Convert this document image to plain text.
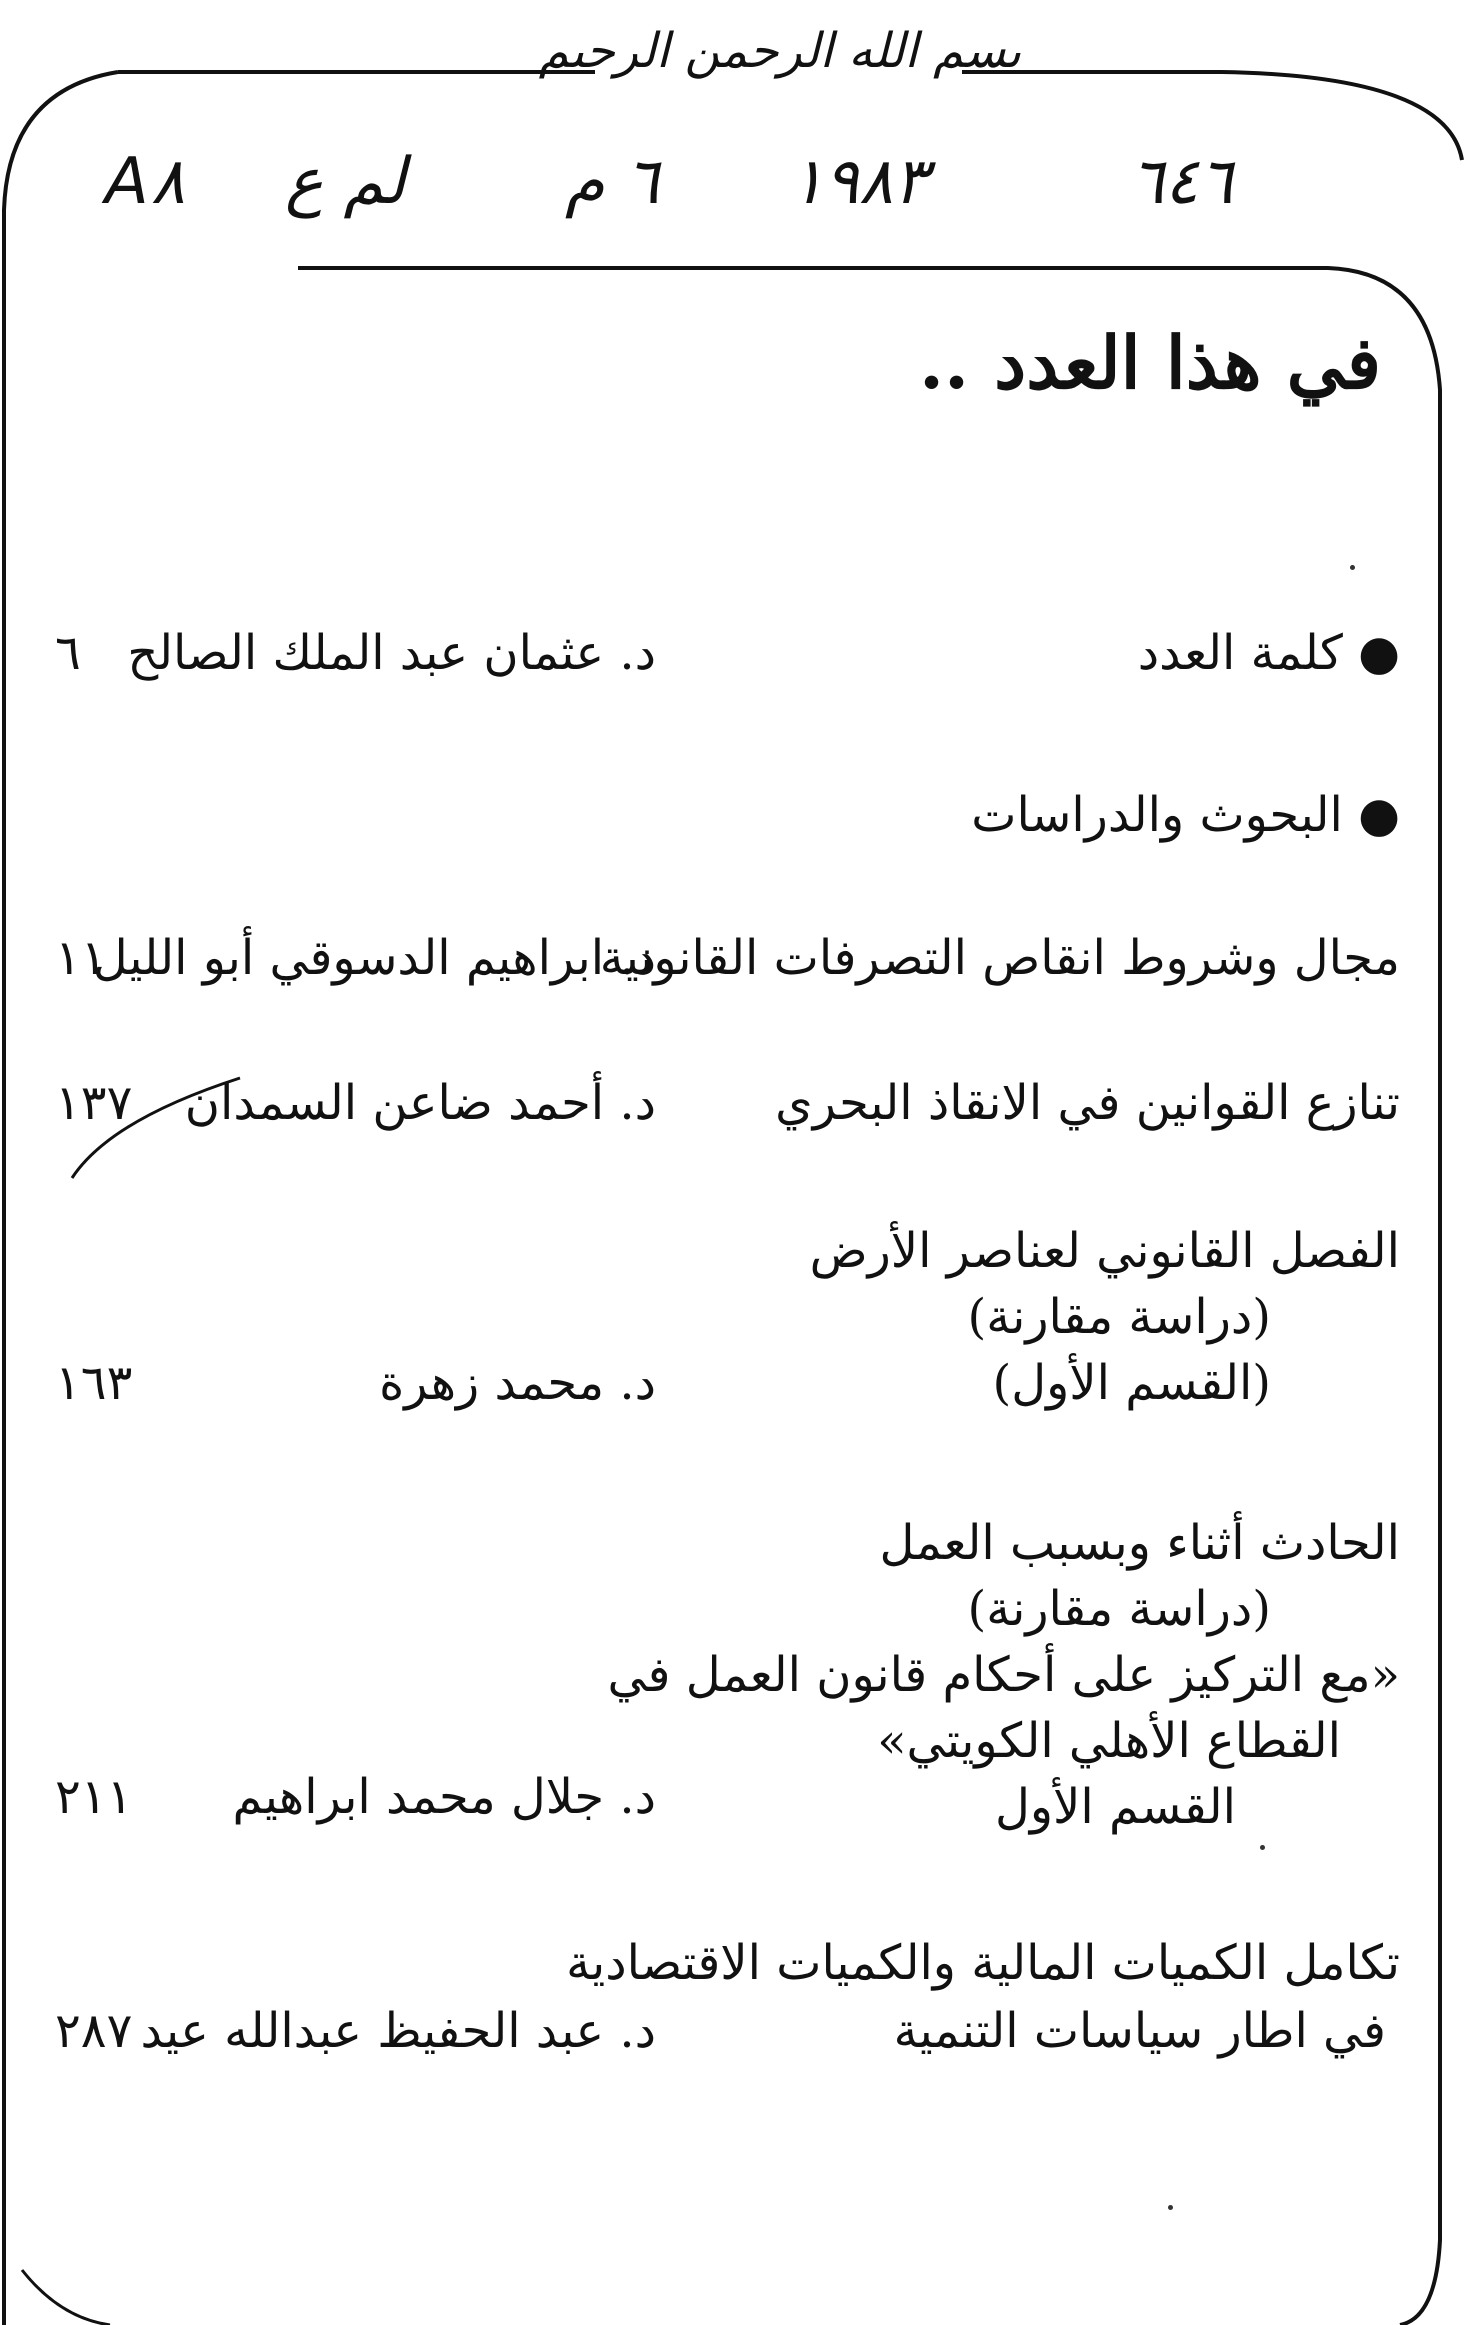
بسم الله الرحمن الرحيم
A٨ لم ع ٦ م ١٩٨٣	٦٤٦
في هذا العدد ..
● كلمة العدد
د. عثمان عبد الملك الصالح
٦
● البحوث والدراسات
مجال وشروط انقاص التصرفات القانونية
د. ابراهيم الدسوقي أبو الليل
١١
تنازع القوانين في الانقاذ البحري
د. أحمد ضاعن السمدان
١٣٧
الفصل القانوني لعناصر الأرض
(دراسة مقارنة)
(القسم الأول)
د. محمد زهرة
١٦٣
الحادث أثناء وبسبب العمل
(دراسة مقارنة)
«مع التركيز على أحكام قانون العمل في
القطاع الأهلي الكويتي»
القسم الأول
د. جلال محمد ابراهيم
٢١١
تكامل الكميات المالية والكميات الاقتصادية
في اطار سياسات التنمية
د. عبد الحفيظ عبدالله عيد
٢٨٧
